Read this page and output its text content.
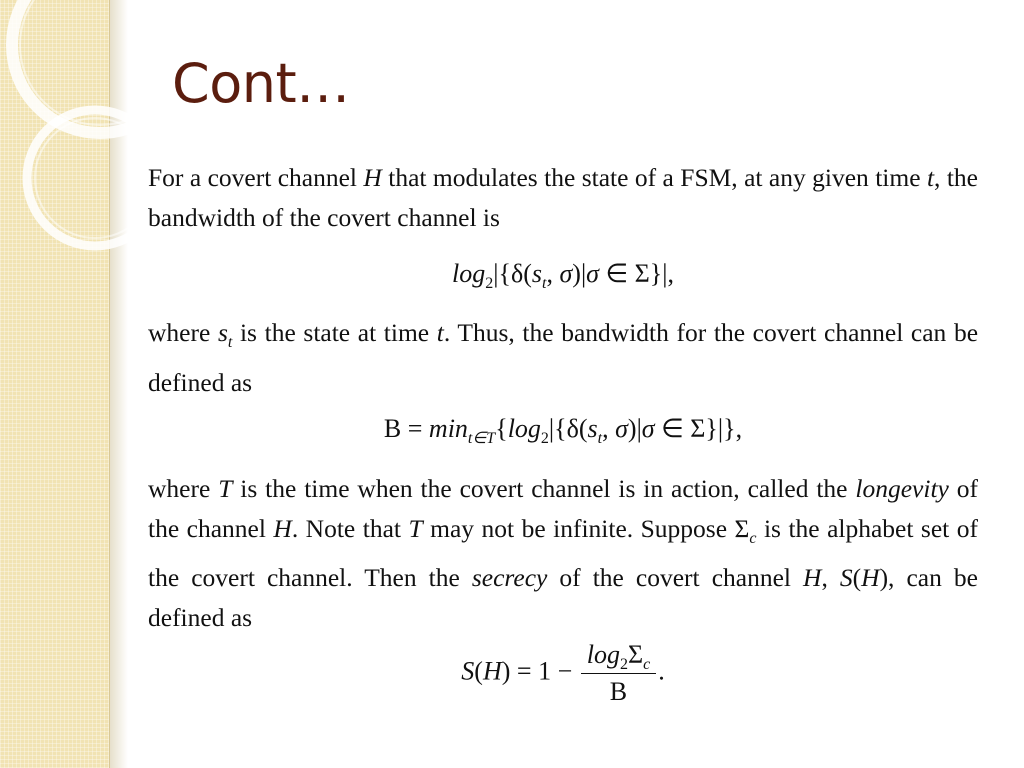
Cont…

For a covert channel H that modulates the state of a FSM, at any given time t, the bandwidth of the covert channel is

$\log_2|\{\delta(s_t$, σ)|σ ∈ Σ}|,

where $s_t$ is the state at time t. Thus, the bandwidth for the covert channel can be defined as

$B = \min_{t\in T}\{\log_2|\{\delta(s_t$, σ)|σ ∈ Σ}|},

where T is the time when the covert channel is in action, called the longevity of the channel H. Note that T may not be infinite. Suppose $\Sigma_c$ is the alphabet set of the covert channel. Then the secrecy of the covert channel H, S(H), can be defined as

$S(H) = 1 - \frac{\log_2\Sigma_c}{B}$ .
